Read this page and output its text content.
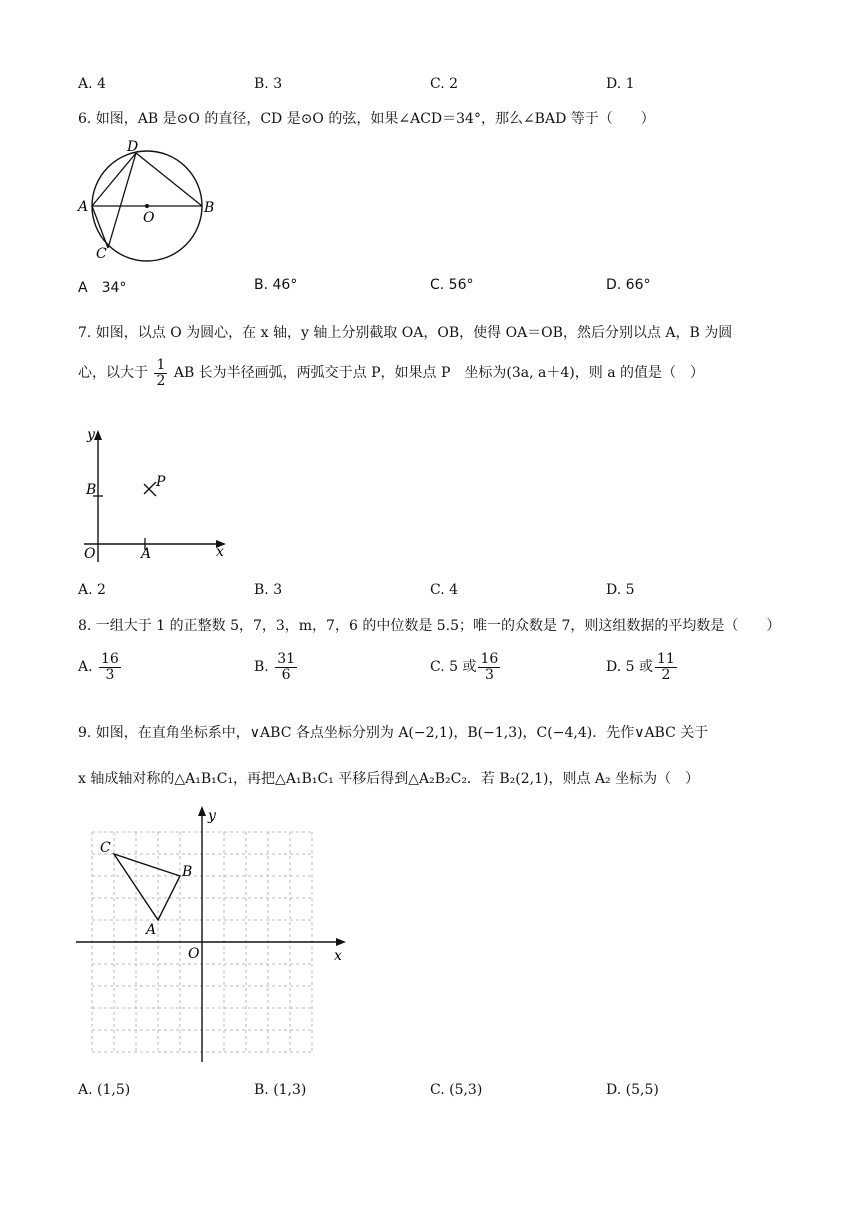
A. 4	B. 3	C. 2	D. 1
6. 如图，AB 是⊙O 的直径，CD 是⊙O 的弦，如果∠ACD＝34°，那么∠BAD 等于（　　）
A	B
C
D
O
A　34°	B. 46°	C. 56°	D. 66°
7. 如图，以点 O 为圆心，在 x 轴，y 轴上分别截取 OA，OB，使得 OA＝OB，然后分别以点 A，B 为圆
心，以大于 $\frac{1}{2}$ AB 长为半径画弧，两弧交于点 P，如果点 P　坐标为(3a, a＋4)，则 a 的值是（　）
y
x
B	P
O	A
A. 2	B. 3	C. 4	D. 5
8. 一组大于 1 的正整数 5，7，3，m，7，6 的中位数是 5.5；唯一的众数是 7，则这组数据的平均数是（　　）
A. $\frac{16}{3}$	B. $\frac{31}{6}$	C. 5 或 $\frac{16}{3}$	D. 5 或 $\frac{11}{2}$
9. 如图，在直角坐标系中，∨ABC 各点坐标分别为 A(−2,1)，B(−1,3)，C(−4,4)．先作∨ABC 关于
x 轴成轴对称的△A₁B₁C₁，再把△A₁B₁C₁ 平移后得到△A₂B₂C₂．若 B₂(2,1)，则点 A₂ 坐标为（　）
C
B
A
O	x
y
A. (1,5)	B. (1,3)	C. (5,3)	D. (5,5)
